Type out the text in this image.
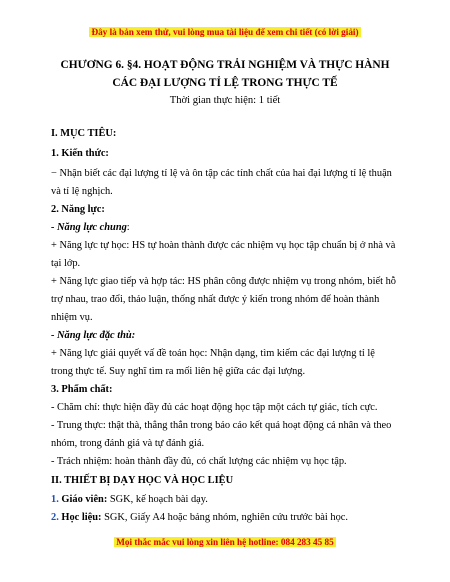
Đây là bản xem thử, vui lòng mua tài liệu để xem chi tiết (có lời giải)
CHƯƠNG 6. §4. HOẠT ĐỘNG TRẢI NGHIỆM VÀ THỰC HÀNH
CÁC ĐẠI LƯỢNG TỈ LỆ TRONG THỰC TẾ
Thời gian thực hiện: 1 tiết
I. MỤC TIÊU:
1. Kiến thức:
− Nhận biết các đại lượng tỉ lệ và ôn tập các tính chất của hai đại lượng tỉ lệ thuận
và tỉ lệ nghịch.
2. Năng lực:
- Năng lực chung:
+ Năng lực tự học: HS tự hoàn thành được các nhiệm vụ học tập chuẩn bị ở nhà và
tại lớp.
+ Năng lực giao tiếp và hợp tác: HS phân công được nhiệm vụ trong nhóm, biết hỗ
trợ nhau, trao đổi, thảo luận, thống nhất được ý kiến trong nhóm để hoàn thành
nhiệm vụ.
- Năng lực đặc thù:
+ Năng lực giải quyết vấ đề toán học: Nhận dạng, tìm kiếm các đại lượng tỉ lệ
trong thực tế. Suy nghĩ tìm ra mối liên hệ giữa các đại lượng.
3. Phẩm chất:
- Chăm chỉ: thực hiện đầy đủ các hoạt động học tập một cách tự giác, tích cực.
- Trung thực: thật thà, thẳng thắn trong báo cáo kết quả hoạt động cá nhân và theo
nhóm, trong đánh giá và tự đánh giá.
- Trách nhiệm: hoàn thành đầy đủ, có chất lượng các nhiệm vụ học tập.
II. THIẾT BỊ DẠY HỌC VÀ HỌC LIỆU
1. Giáo viên: SGK, kế hoạch bài dạy.
2. Học liệu: SGK, Giấy A4 hoặc bảng nhóm, nghiên cứu trước bài học.
Mọi thắc mắc vui lòng xin liên hệ hotline: 084 283 45 85
